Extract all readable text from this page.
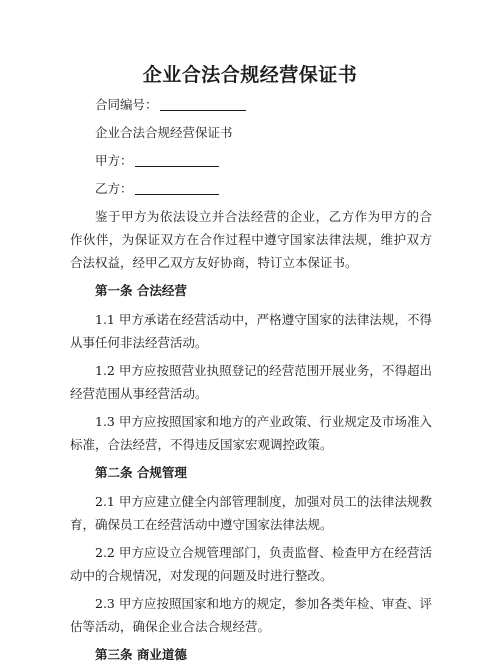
企业合法合规经营保证书
合同编号：
企业合法合规经营保证书
甲方：
乙方：
鉴于甲方为依法设立并合法经营的企业，乙方作为甲方的合作伙伴，为保证双方在合作过程中遵守国家法律法规，维护双方合法权益，经甲乙双方友好协商，特订立本保证书。
第一条 合法经营
1.1 甲方承诺在经营活动中，严格遵守国家的法律法规，不得从事任何非法经营活动。
1.2 甲方应按照营业执照登记的经营范围开展业务，不得超出经营范围从事经营活动。
1.3 甲方应按照国家和地方的产业政策、行业规定及市场准入标准，合法经营，不得违反国家宏观调控政策。
第二条 合规管理
2.1 甲方应建立健全内部管理制度，加强对员工的法律法规教育，确保员工在经营活动中遵守国家法律法规。
2.2 甲方应设立合规管理部门，负责监督、检查甲方在经营活动中的合规情况，对发现的问题及时进行整改。
2.3 甲方应按照国家和地方的规定，参加各类年检、审查、评估等活动，确保企业合法合规经营。
第三条 商业道德
